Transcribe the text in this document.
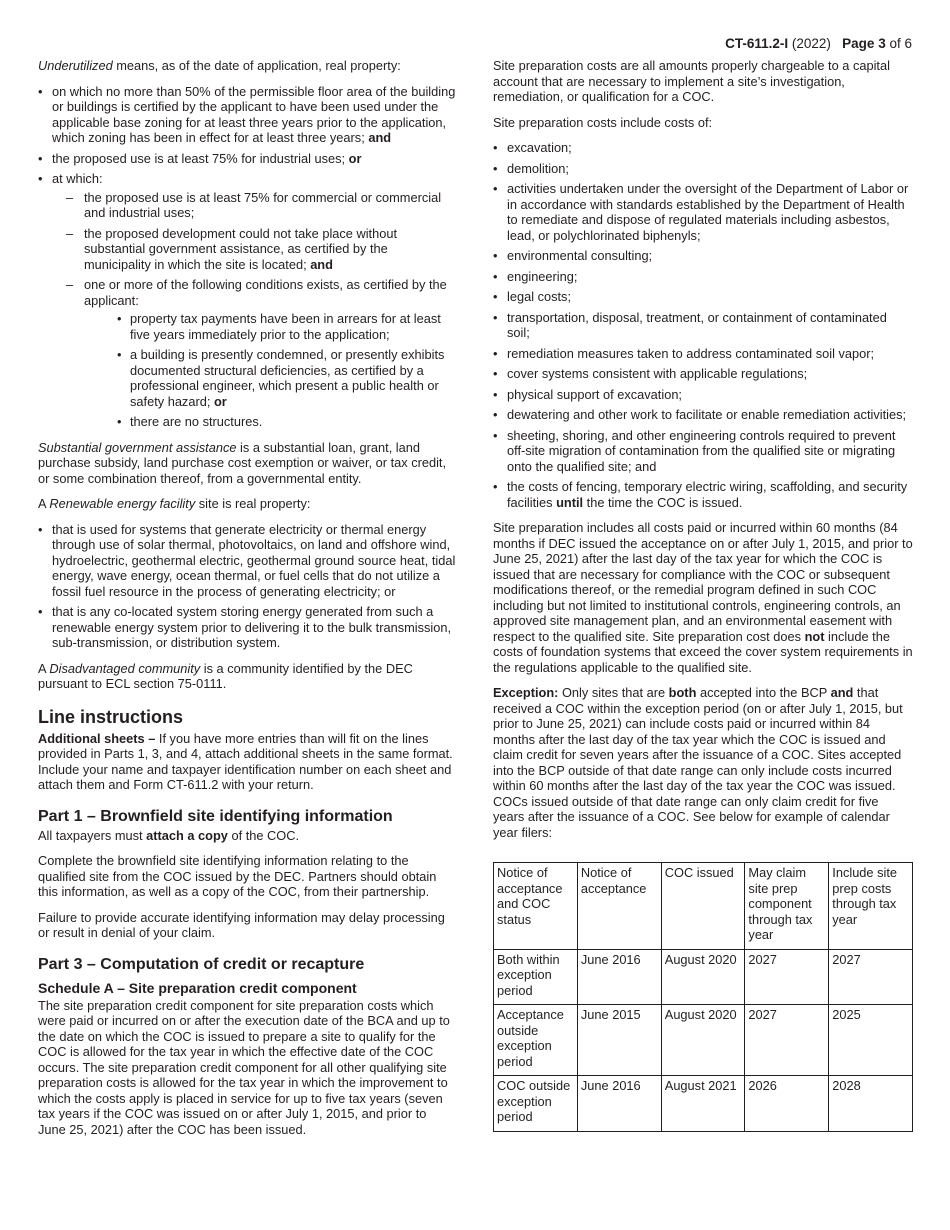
CT-611.2-I (2022) Page 3 of 6

Underutilized means, as of the date of application, real property:

• on which no more than 50% of the permissible floor area of the building or buildings is certified by the applicant to have been used under the applicable base zoning for at least three years prior to the application, which zoning has been in effect for at least three years; and
• the proposed use is at least 75% for industrial uses; or
• at which:
– the proposed use is at least 75% for commercial or commercial and industrial uses;
– the proposed development could not take place without substantial government assistance, as certified by the municipality in which the site is located; and
– one or more of the following conditions exists, as certified by the applicant:
• property tax payments have been in arrears for at least five years immediately prior to the application;
• a building is presently condemned, or presently exhibits documented structural deficiencies, as certified by a professional engineer, which present a public health or safety hazard; or
• there are no structures.

Substantial government assistance is a substantial loan, grant, land purchase subsidy, land purchase cost exemption or waiver, or tax credit, or some combination thereof, from a governmental entity.

A Renewable energy facility site is real property:

• that is used for systems that generate electricity or thermal energy through use of solar thermal, photovoltaics, on land and offshore wind, hydroelectric, geothermal electric, geothermal ground source heat, tidal energy, wave energy, ocean thermal, or fuel cells that do not utilize a fossil fuel resource in the process of generating electricity; or
• that is any co-located system storing energy generated from such a renewable energy system prior to delivering it to the bulk transmission, sub-transmission, or distribution system.

A Disadvantaged community is a community identified by the DEC pursuant to ECL section 75-0111.

Line instructions

Additional sheets – If you have more entries than will fit on the lines provided in Parts 1, 3, and 4, attach additional sheets in the same format. Include your name and taxpayer identification number on each sheet and attach them and Form CT-611.2 with your return.

Part 1 – Brownfield site identifying information

All taxpayers must attach a copy of the COC.

Complete the brownfield site identifying information relating to the qualified site from the COC issued by the DEC. Partners should obtain this information, as well as a copy of the COC, from their partnership.

Failure to provide accurate identifying information may delay processing or result in denial of your claim.

Part 3 – Computation of credit or recapture
Schedule A – Site preparation credit component

The site preparation credit component for site preparation costs which were paid or incurred on or after the execution date of the BCA and up to the date on which the COC is issued to prepare a site to qualify for the COC is allowed for the tax year in which the effective date of the COC occurs. The site preparation credit component for all other qualifying site preparation costs is allowed for the tax year in which the improvement to which the costs apply is placed in service for up to five tax years (seven tax years if the COC was issued on or after July 1, 2015, and prior to June 25, 2021) after the COC has been issued.

Site preparation costs are all amounts properly chargeable to a capital account that are necessary to implement a site’s investigation, remediation, or qualification for a COC.

Site preparation costs include costs of:

• excavation;
• demolition;
• activities undertaken under the oversight of the Department of Labor or in accordance with standards established by the Department of Health to remediate and dispose of regulated materials including asbestos, lead, or polychlorinated biphenyls;
• environmental consulting;
• engineering;
• legal costs;
• transportation, disposal, treatment, or containment of contaminated soil;
• remediation measures taken to address contaminated soil vapor;
• cover systems consistent with applicable regulations;
• physical support of excavation;
• dewatering and other work to facilitate or enable remediation activities;
• sheeting, shoring, and other engineering controls required to prevent off-site migration of contamination from the qualified site or migrating onto the qualified site; and
• the costs of fencing, temporary electric wiring, scaffolding, and security facilities until the time the COC is issued.

Site preparation includes all costs paid or incurred within 60 months (84 months if DEC issued the acceptance on or after July 1, 2015, and prior to June 25, 2021) after the last day of the tax year for which the COC is issued that are necessary for compliance with the COC or subsequent modifications thereof, or the remedial program defined in such COC including but not limited to institutional controls, engineering controls, an approved site management plan, and an environmental easement with respect to the qualified site. Site preparation cost does not include the costs of foundation systems that exceed the cover system requirements in the regulations applicable to the qualified site.

Exception: Only sites that are both accepted into the BCP and that received a COC within the exception period (on or after July 1, 2015, but prior to June 25, 2021) can include costs paid or incurred within 84 months after the last day of the tax year which the COC is issued and claim credit for seven years after the issuance of a COC. Sites accepted into the BCP outside of that date range can only include costs incurred within 60 months after the last day of the tax year the COC was issued. COCs issued outside of that date range can only claim credit for five years after the issuance of a COC. See below for example of calendar year filers:

Notice of acceptance and COC status	Notice of acceptance	COC issued	May claim site prep component through tax year	Include site prep costs through tax year
Both within exception period	June 2016	August 2020	2027	2027
Acceptance outside exception period	June 2015	August 2020	2027	2025
COC outside exception period	June 2016	August 2021	2026	2028
